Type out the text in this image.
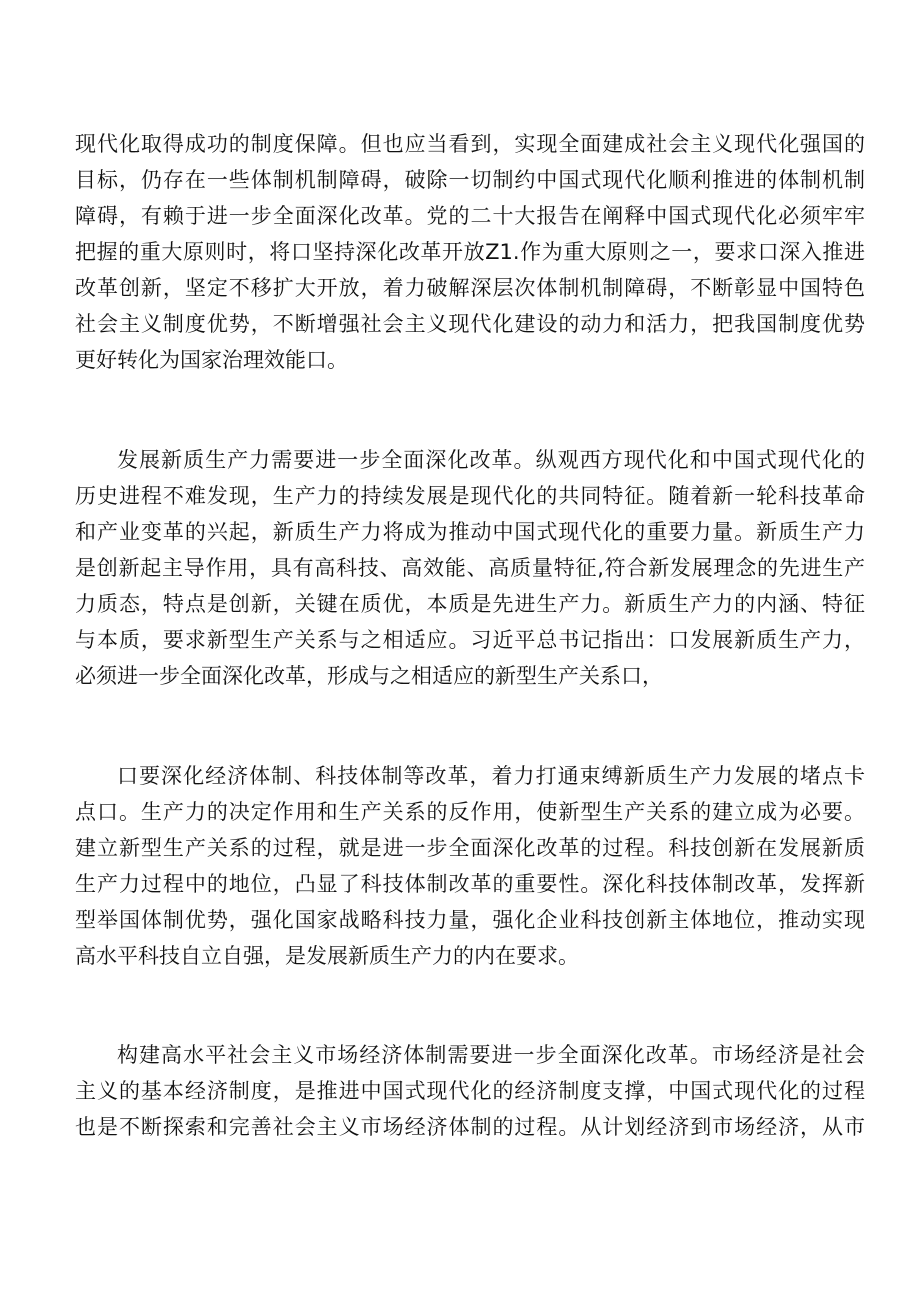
现代化取得成功的制度保障。但也应当看到，实现全面建成社会主义现代化强国的
目标，仍存在一些体制机制障碍，破除一切制约中国式现代化顺利推进的体制机制
障碍，有赖于进一步全面深化改革。党的二十大报告在阐释中国式现代化必须牢牢
把握的重大原则时，将口坚持深化改革开放Z1.作为重大原则之一，要求口深入推进
改革创新，坚定不移扩大开放，着力破解深层次体制机制障碍，不断彰显中国特色
社会主义制度优势，不断增强社会主义现代化建设的动力和活力，把我国制度优势
更好转化为国家治理效能口。
发展新质生产力需要进一步全面深化改革。纵观西方现代化和中国式现代化的
历史进程不难发现，生产力的持续发展是现代化的共同特征。随着新一轮科技革命
和产业变革的兴起，新质生产力将成为推动中国式现代化的重要力量。新质生产力
是创新起主导作用，具有高科技、高效能、高质量特征,符合新发展理念的先进生产
力质态，特点是创新，关键在质优，本质是先进生产力。新质生产力的内涵、特征
与本质，要求新型生产关系与之相适应。习近平总书记指出：口发展新质生产力，
必须进一步全面深化改革，形成与之相适应的新型生产关系口，
口要深化经济体制、科技体制等改革，着力打通束缚新质生产力发展的堵点卡
点口。生产力的决定作用和生产关系的反作用，使新型生产关系的建立成为必要。
建立新型生产关系的过程，就是进一步全面深化改革的过程。科技创新在发展新质
生产力过程中的地位，凸显了科技体制改革的重要性。深化科技体制改革，发挥新
型举国体制优势，强化国家战略科技力量，强化企业科技创新主体地位，推动实现
高水平科技自立自强，是发展新质生产力的内在要求。
构建高水平社会主义市场经济体制需要进一步全面深化改革。市场经济是社会
主义的基本经济制度，是推进中国式现代化的经济制度支撑，中国式现代化的过程
也是不断探索和完善社会主义市场经济体制的过程。从计划经济到市场经济，从市
